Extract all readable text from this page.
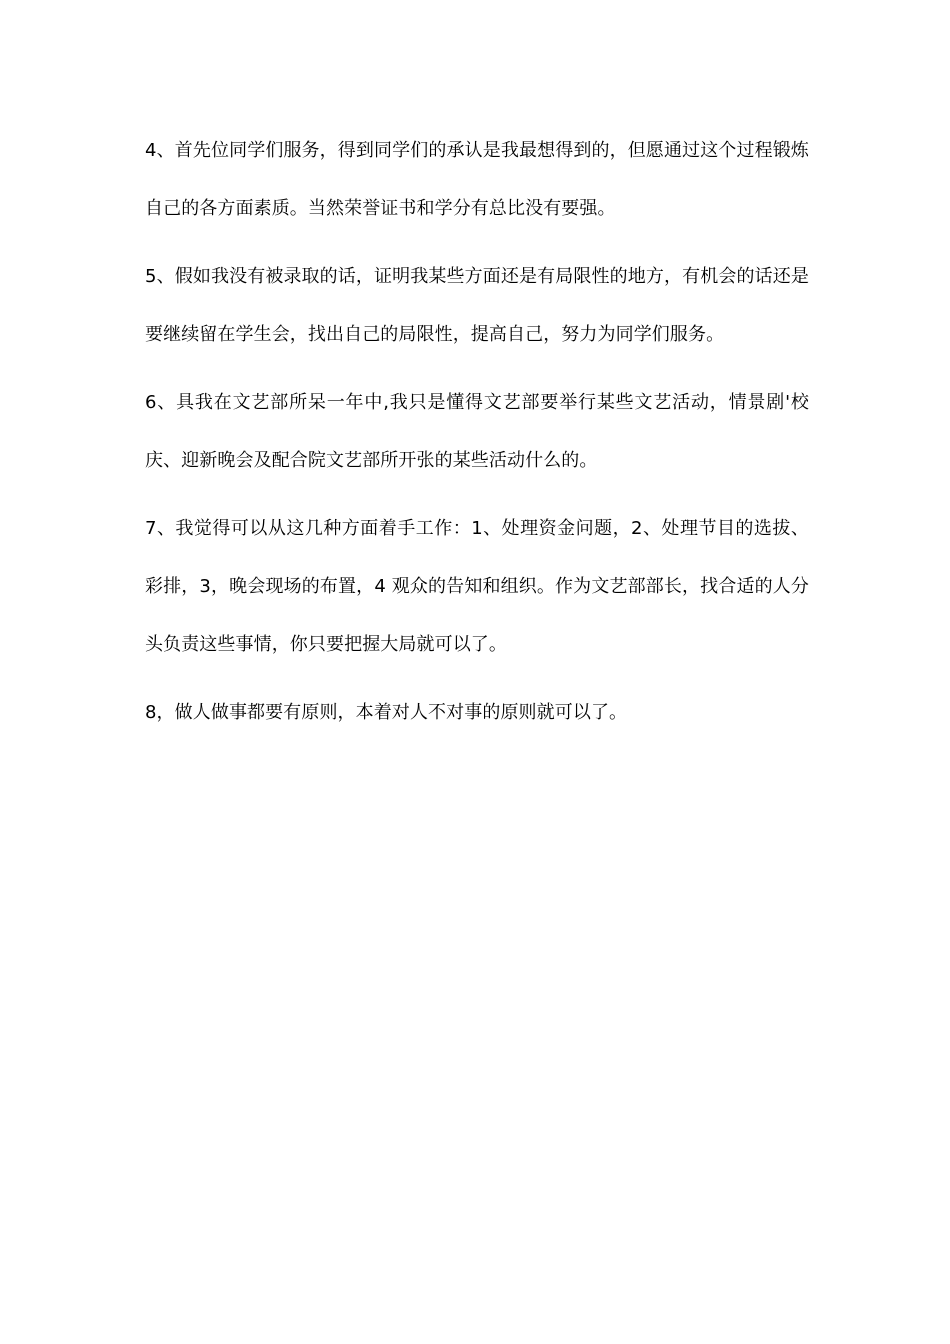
4、首先位同学们服务，得到同学们的承认是我最想得到的，但愿通过这个过程锻炼自己的各方面素质。当然荣誉证书和学分有总比没有要强。

5、假如我没有被录取的话，证明我某些方面还是有局限性的地方，有机会的话还是要继续留在学生会，找出自己的局限性，提高自己，努力为同学们服务。

6、具我在文艺部所呆一年中,我只是懂得文艺部要举行某些文艺活动，情景剧'校庆、迎新晚会及配合院文艺部所开张的某些活动什么的。

7、我觉得可以从这几种方面着手工作：1、处理资金问题，2、处理节目的选拔、彩排，3，晚会现场的布置，4 观众的告知和组织。作为文艺部部长，找合适的人分头负责这些事情，你只要把握大局就可以了。

8，做人做事都要有原则，本着对人不对事的原则就可以了。
